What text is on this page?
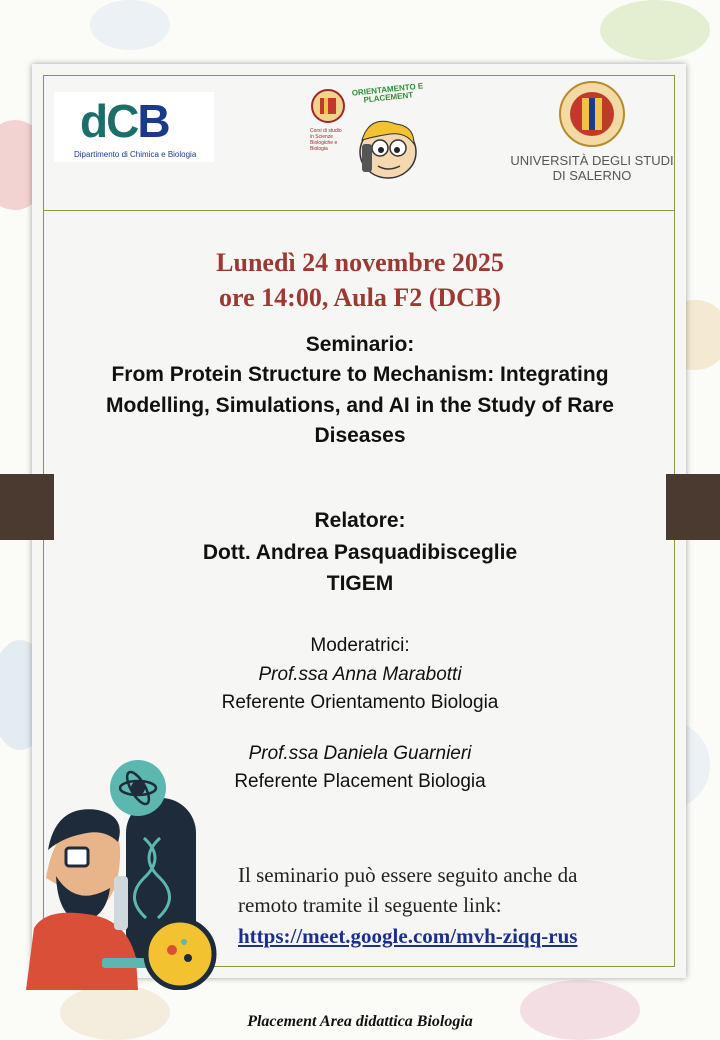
dCB
Dipartimento di Chimica e Biologia
ORIENTAMENTO E PLACEMENT
Corsi di studio in Scienze Biologiche e Biologia
UNIVERSITÀ DEGLI STUDI
DI SALERNO
Lunedì 24 novembre 2025
ore 14:00, Aula F2 (DCB)
Seminario:
From Protein Structure to Mechanism: Integrating
Modelling, Simulations, and AI in the Study of Rare
Diseases
Relatore:
Dott. Andrea Pasquadibisceglie
TIGEM
Moderatrici:
Prof.ssa Anna Marabotti
Referente Orientamento Biologia
Prof.ssa Daniela Guarnieri
Referente Placement Biologia
Il seminario può essere seguito anche da
remoto tramite il seguente link:
https://meet.google.com/mvh-ziqq-rus
Placement Area didattica Biologia
